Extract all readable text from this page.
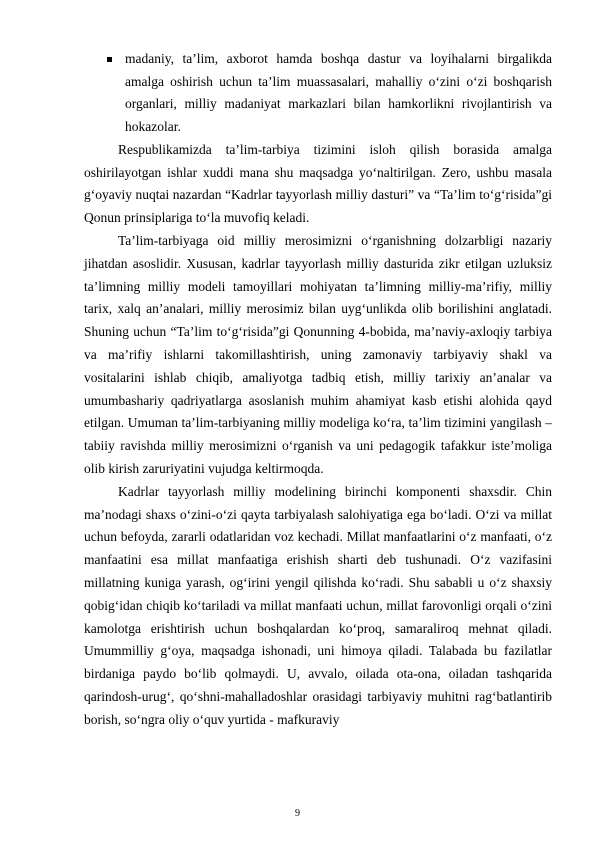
madaniy, ta’lim, axborot hamda boshqa dastur va loyihalarni birgalikda amalga oshirish uchun ta’lim muassasalari, mahalliy o‘zini o‘zi boshqarish organlari, milliy madaniyat markazlari bilan hamkorlikni rivojlantirish va hokazolar.

Respublikamizda ta’lim-tarbiya tizimini isloh qilish borasida amalga oshirilayotgan ishlar xuddi mana shu maqsadga yo‘naltirilgan. Zero, ushbu masala g‘oyaviy nuqtai nazardan “Kadrlar tayyorlash milliy dasturi” va “Ta’lim to‘g‘risida”gi Qonun prinsiplariga to‘la muvofiq keladi.

Ta’lim-tarbiyaga oid milliy merosimizni o‘rganishning dolzarbligi nazariy jihatdan asoslidir. Xususan, kadrlar tayyorlash milliy dasturida zikr etilgan uzluksiz ta’limning milliy modeli tamoyillari mohiyatan ta’limning milliy-ma’rifiy, milliy tarix, xalq an’analari, milliy merosimiz bilan uyg‘unlikda olib borilishini anglatadi. Shuning uchun “Ta’lim to‘g‘risida”gi Qonunning 4-bobida, ma’naviy-axloqiy tarbiya va ma’rifiy ishlarni takomillashtirish, uning zamonaviy tarbiyaviy shakl va vositalarini ishlab chiqib, amaliyotga tadbiq etish, milliy tarixiy an’analar va umumbashariy qadriyatlarga asoslanish muhim ahamiyat kasb etishi alohida qayd etilgan. Umuman ta’lim-tarbiyaning milliy modeliga ko‘ra, ta’lim tizimini yangilash – tabiiy ravishda milliy merosimizni o‘rganish va uni pedagogik tafakkur iste’moliga olib kirish zaruriyatini vujudga keltirmoqda.

Kadrlar tayyorlash milliy modelining birinchi komponenti shaxsdir. Chin ma’nodagi shaxs o‘zini-o‘zi qayta tarbiyalash salohiyatiga ega bo‘ladi. O‘zi va millat uchun befoyda, zararli odatlaridan voz kechadi. Millat manfaatlarini o‘z manfaati, o‘z manfaatini esa millat manfaatiga erishish sharti deb tushunadi. O‘z vazifasini millatning kuniga yarash, og‘irini yengil qilishda ko‘radi. Shu sababli u o‘z shaxsiy qobig‘idan chiqib ko‘tariladi va millat manfaati uchun, millat farovonligi orqali o‘zini kamolotga erishtirish uchun boshqalardan ko‘proq, samaraliroq mehnat qiladi. Umummilliy g‘oya, maqsadga ishonadi, uni himoya qiladi. Talabada bu fazilatlar birdaniga paydo bo‘lib qolmaydi. U, avvalo, oilada ota-ona, oiladan tashqarida qarindosh-urug‘, qo‘shni-mahalladoshlar orasidagi tarbiyaviy muhitni rag‘batlantirib borish, so‘ngra oliy o‘quv yurtida - mafkuraviy

9
